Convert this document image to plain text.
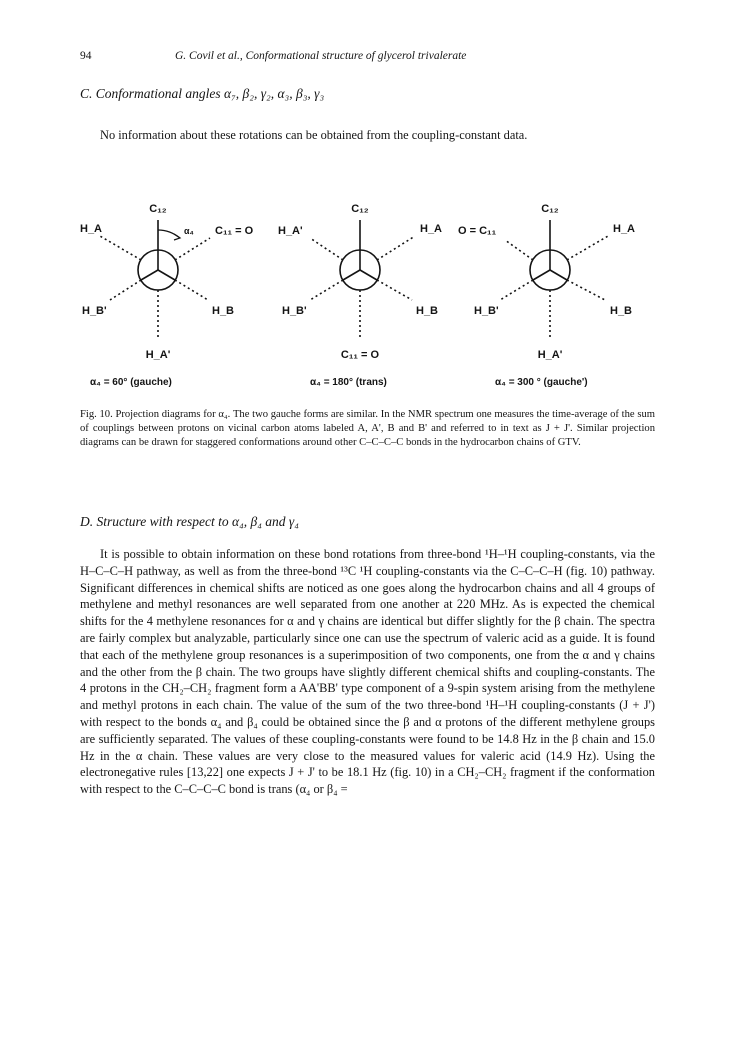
94	G. Covil et al., Conformational structure of glycerol trivalerate
C. Conformational angles α₇, β₂, γ₂, α₃, β₃, γ₃
No information about these rotations can be obtained from the coupling-constant data.
C₁₂
H_A	C₁₁ = O
H_B'	H_B
H_A'
α₄
α₄ = 60° (gauche)
C₁₂
H_A'	H_A
H_B'	H_B
C₁₁ = O
α₄ = 180° (trans)
C₁₂
O = C₁₁	H_A
H_B'	H_B
H_A'
α₄ = 300 ° (gauche')
Fig. 10. Projection diagrams for α₄. The two gauche forms are similar. In the NMR spectrum one measures the time-average of the sum of couplings between protons on vicinal carbon atoms labeled A, A', B and B' and referred to in text as J + J'. Similar projection diagrams can be drawn for staggered conformations around other C–C–C–C bonds in the hydrocarbon chains of GTV.
D. Structure with respect to α₄, β₄ and γ₄
It is possible to obtain information on these bond rotations from three-bond ¹H–¹H coupling-constants, via the H–C–C–H pathway, as well as from the three-bond ¹³C ¹H coupling-constants via the C–C–C–H (fig. 10) pathway. Significant differences in chemical shifts are noticed as one goes along the hydrocarbon chains and all 4 groups of methylene and methyl resonances are well separated from one another at 220 MHz. As is expected the chemical shifts for the 4 methylene resonances for α and γ chains are identical but differ slightly for the β chain. The spectra are fairly complex but analyzable, particularly since one can use the spectrum of valeric acid as a guide. It is found that each of the methylene group resonances is a superimposition of two components, one from the α and γ chains and the other from the β chain. The two groups have slightly different chemical shifts and coupling-constants. The 4 protons in the CH₂–CH₂ fragment form a AA'BB' type component of a 9-spin system arising from the methylene and methyl protons in each chain. The value of the sum of the two three-bond ¹H–¹H coupling-constants (J + J') with respect to the bonds α₄ and β₄ could be obtained since the β and α protons of the different methylene groups are sufficiently separated. The values of these coupling-constants were found to be 14.8 Hz in the β chain and 15.0 Hz in the α chain. These values are very close to the measured values for valeric acid (14.9 Hz). Using the electronegative rules [13,22] one expects J + J' to be 18.1 Hz (fig. 10) in a CH₂–CH₂ fragment if the conformation with respect to the C–C–C–C bond is trans (α₄ or β₄ =
